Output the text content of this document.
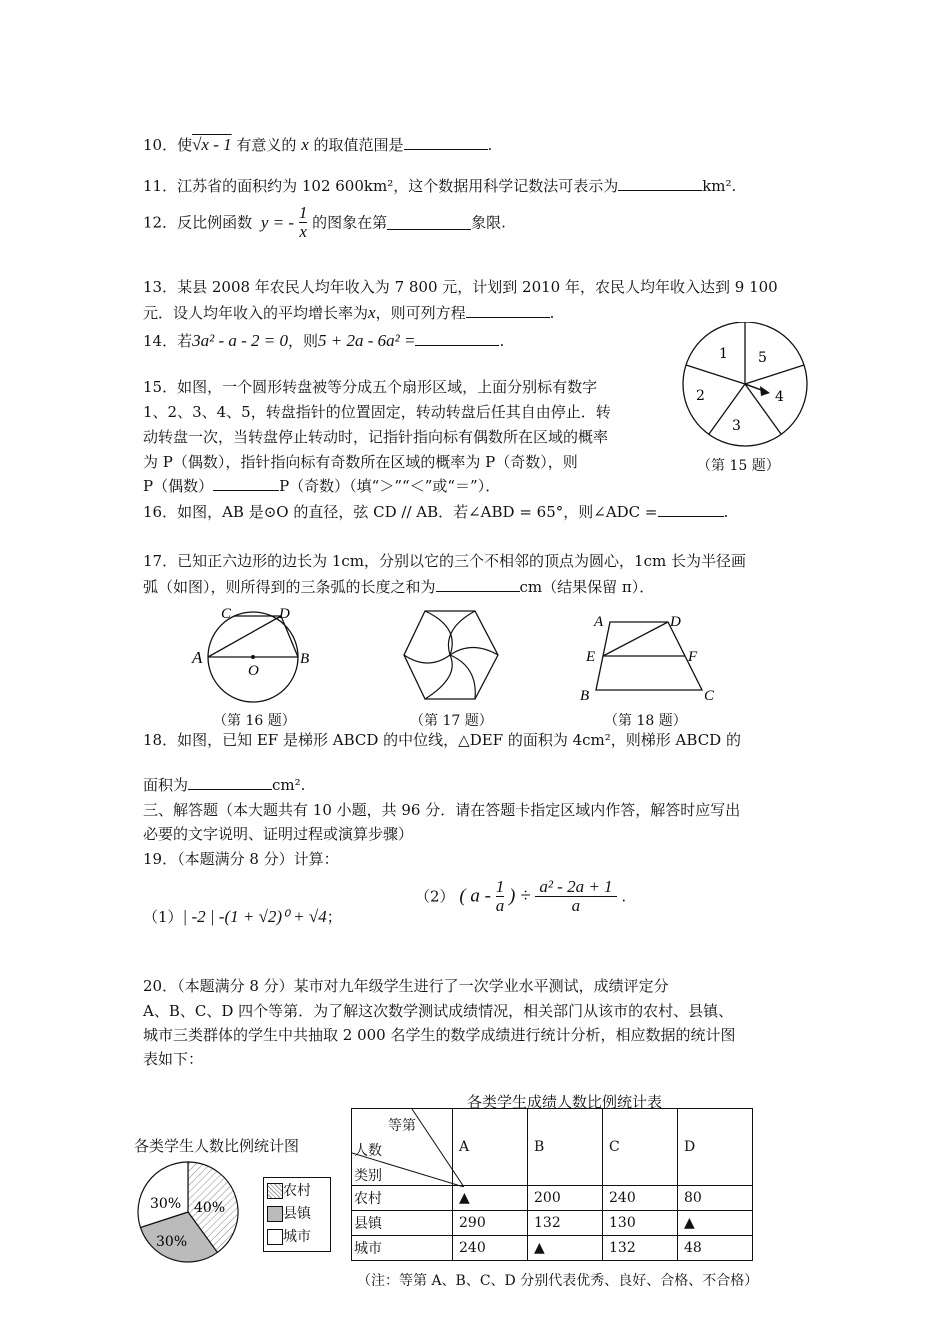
10．使√x - 1 有意义的 x 的取值范围是	.
11．江苏省的面积约为 102 600km²，这个数据用科学记数法可表示为	km².
12．反比例函数 y = - $\frac{1}{x}$ 的图象在第	象限.
13．某县 2008 年农民人均年收入为 7 800 元，计划到 2010 年，农民人均年收入达到 9 100
元．设人均年收入的平均增长率为x，则可列方程	.
14．若3a² - a - 2 = 0，则5 + 2a - 6a² =	.
15．如图，一个圆形转盘被等分成五个扇形区域，上面分别标有数字
1、2、3、4、5，转盘指针的位置固定，转动转盘后任其自由停止．转
动转盘一次，当转盘停止转动时，记指针指向标有偶数所在区域的概率
为 P（偶数），指针指向标有奇数所在区域的概率为 P（奇数），则
P（偶数）	P（奇数）（填“＞”“＜”或“＝”）．
1 5
4
3
2
（第 15 题）
16．如图，AB 是⊙O 的直径，弦 CD // AB．若∠ABD = 65°，则∠ADC =	.
17．已知正六边形的边长为 1cm，分别以它的三个不相邻的顶点为圆心，1cm 长为半径画
弧（如图），则所得到的三条弧的长度之和为	cm（结果保留 π）．
A	B
C	D
O
（第 16 题）	（第 17 题）
A	D
E	F
B	C
（第 18 题）
18．如图，已知 EF 是梯形 ABCD 的中位线，△DEF 的面积为 4cm²，则梯形 ABCD 的
面积为	cm².
三、解答题（本大题共有 10 小题，共 96 分．请在答题卡指定区域内作答，解答时应写出
必要的文字说明、证明过程或演算步骤）
19．（本题满分 8 分）计算：
（1）| -2 | -(1 + √2)⁰ + √4；
（2） ( a - $\frac{1}{a}$ ) ÷ $\frac{\text{a² - 2a + 1}}{a}$ .
20．（本题满分 8 分）某市对九年级学生进行了一次学业水平测试，成绩评定分
A、B、C、D 四个等第．为了解这次数学测试成绩情况，相关部门从该市的农村、县镇、
城市三类群体的学生中共抽取 2 000 名学生的数学成绩进行统计分析，相应数据的统计图
表如下：
各类学生人数比例统计图
40%
30%
30%
农村
县镇
城市
各类学生成绩人数比例统计表
等第
人数
类别	A	B	C	D
农村	▲	200	240	80
县镇	290	132	130	▲
城市	240	▲	132	48
（注：等第 A、B、C、D 分别代表优秀、良好、合格、不合格）
